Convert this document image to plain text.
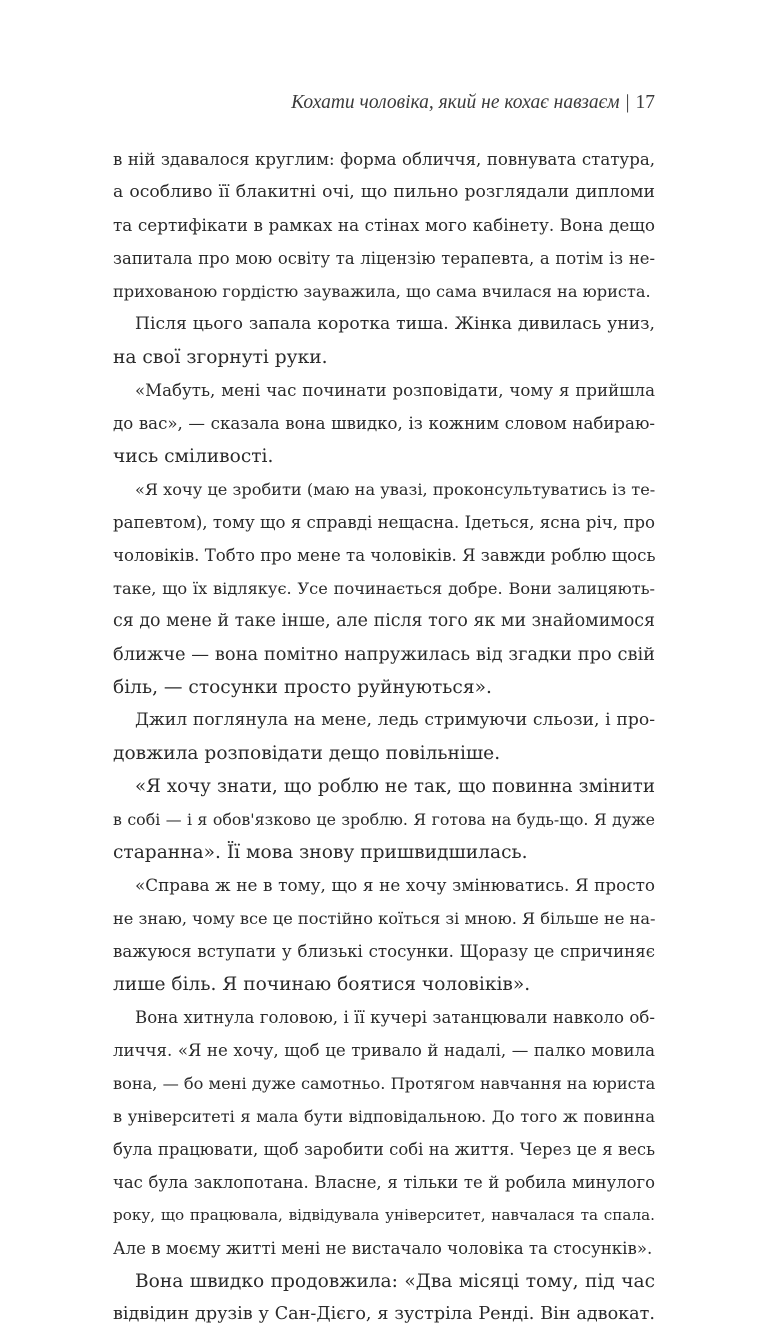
Кохати чоловіка, який не кохає навзаєм | 17
в ній здавалося круглим: форма обличчя, повнувата статура,
а особливо її блакитні очі, що пильно розглядали дипломи
та сертифікати в рамках на стінах мого кабінету. Вона дещо
запитала про мою освіту та ліцензію терапевта, а потім із не-
прихованою гордістю зауважила, що сама вчилася на юриста.
Після цього запала коротка тиша. Жінка дивилась униз,
на свої згорнуті руки.
«Мабуть, мені час починати розповідати, чому я прийшла
до вас», — сказала вона швидко, із кожним словом набираю-
чись сміливості.
«Я хочу це зробити (маю на увазі, проконсультуватись із те-
рапевтом), тому що я справді нещасна. Ідеться, ясна річ, про
чоловіків. Тобто про мене та чоловіків. Я завжди роблю щось
таке, що їх відлякує. Усе починається добре. Вони залицяють-
ся до мене й таке інше, але після того як ми знайомимося
ближче — вона помітно напружилась від згадки про свій
біль, — стосунки просто руйнуються».
Джил поглянула на мене, ледь стримуючи сльози, і про-
довжила розповідати дещо повільніше.
«Я хочу знати, що роблю не так, що повинна змінити
в собі — і я обов'язково це зроблю. Я готова на будь-що. Я дуже
старанна». Її мова знову пришвидшилась.
«Справа ж не в тому, що я не хочу змінюватись. Я просто
не знаю, чому все це постійно коїться зі мною. Я більше не на-
важуюся вступати у близькі стосунки. Щоразу це спричиняє
лише біль. Я починаю боятися чоловіків».
Вона хитнула головою, і її кучері затанцювали навколо об-
личчя. «Я не хочу, щоб це тривало й надалі, — палко мовила
вона, — бо мені дуже самотньо. Протягом навчання на юриста
в університеті я мала бути відповідальною. До того ж повинна
була працювати, щоб заробити собі на життя. Через це я весь
час була заклопотана. Власне, я тільки те й робила минулого
року, що працювала, відвідувала університет, навчалася та спала.
Але в моєму житті мені не вистачало чоловіка та стосунків».
Вона швидко продовжила: «Два місяці тому, під час
відвідин друзів у Сан-Дієго, я зустріла Ренді. Він адвокат.
